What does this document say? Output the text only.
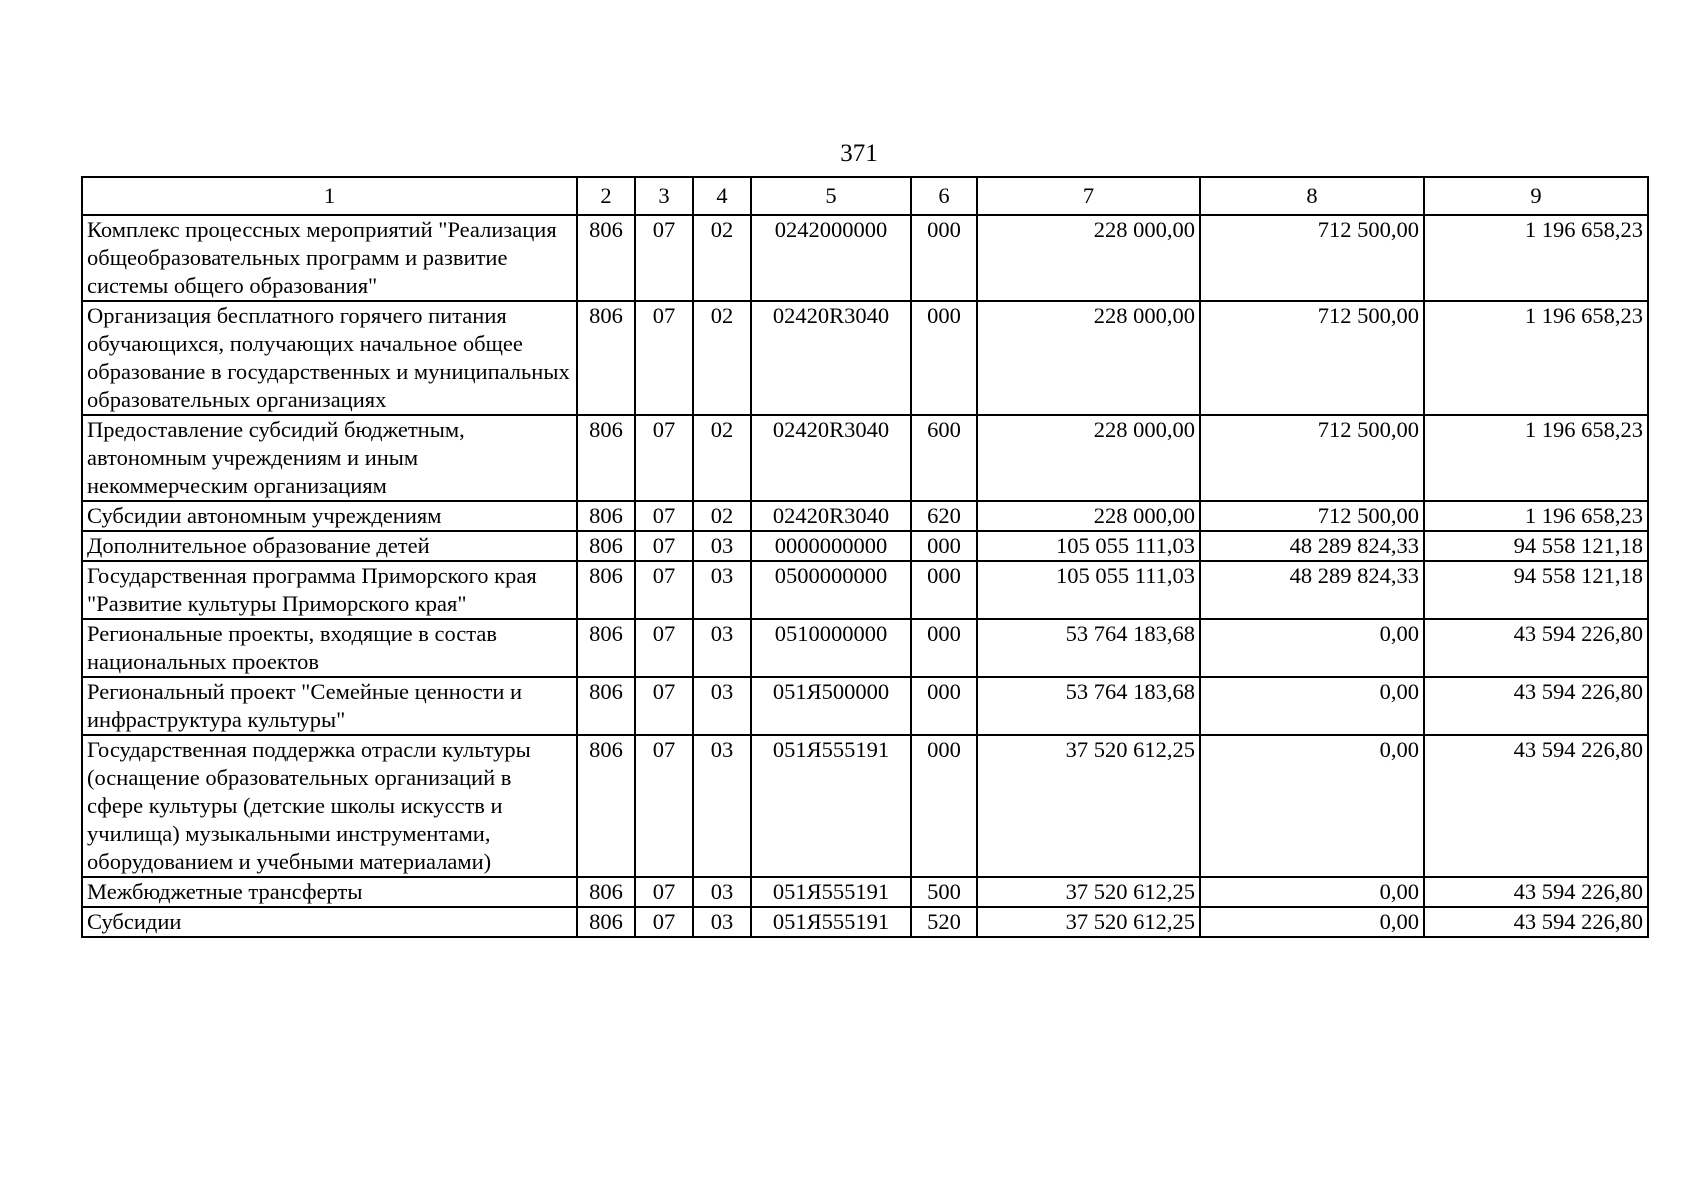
371
1	2	3	4	5	6	7	8	9
Комплекс процессных мероприятий "Реализация общеобразовательных программ и развитие системы общего образования"	806	07	02	0242000000	000	228 000,00	712 500,00	1 196 658,23
Организация бесплатного горячего питания обучающихся, получающих начальное общее образование в государственных и муниципальных образовательных организациях	806	07	02	02420R3040	000	228 000,00	712 500,00	1 196 658,23
Предоставление субсидий бюджетным, автономным учреждениям и иным некоммерческим организациям	806	07	02	02420R3040	600	228 000,00	712 500,00	1 196 658,23
Субсидии автономным учреждениям	806	07	02	02420R3040	620	228 000,00	712 500,00	1 196 658,23
Дополнительное образование детей	806	07	03	0000000000	000	105 055 111,03	48 289 824,33	94 558 121,18
Государственная программа Приморского края "Развитие культуры Приморского края"	806	07	03	0500000000	000	105 055 111,03	48 289 824,33	94 558 121,18
Региональные проекты, входящие в состав национальных проектов	806	07	03	0510000000	000	53 764 183,68	0,00	43 594 226,80
Региональный проект "Семейные ценности и инфраструктура культуры"	806	07	03	051Я500000	000	53 764 183,68	0,00	43 594 226,80
Государственная поддержка отрасли культуры (оснащение образовательных организаций в сфере культуры (детские школы искусств и училища) музыкальными инструментами, оборудованием и учебными материалами)	806	07	03	051Я555191	000	37 520 612,25	0,00	43 594 226,80
Межбюджетные трансферты	806	07	03	051Я555191	500	37 520 612,25	0,00	43 594 226,80
Субсидии	806	07	03	051Я555191	520	37 520 612,25	0,00	43 594 226,80
